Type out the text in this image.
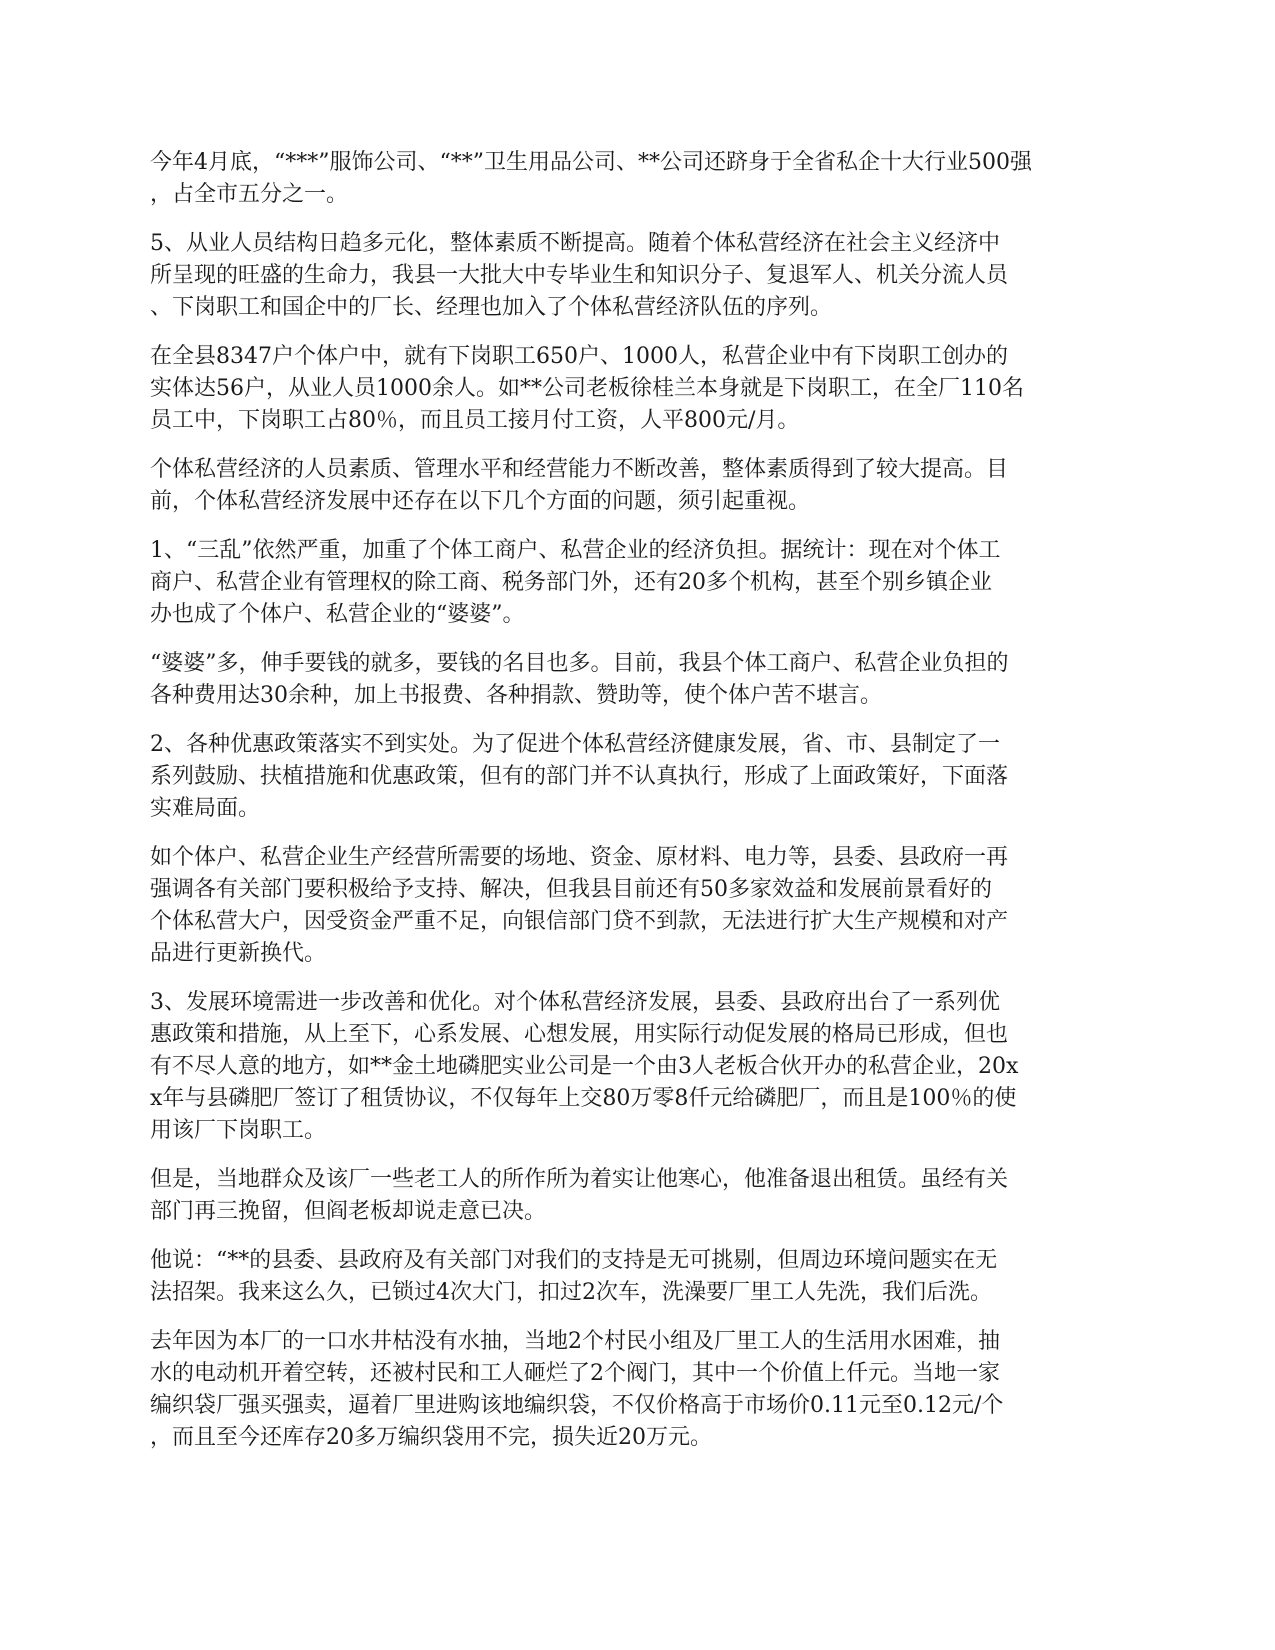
今年4月底，“***”服饰公司、“**”卫生用品公司、**公司还跻身于全省私企十大行业500强
，占全市五分之一。

5、从业人员结构日趋多元化，整体素质不断提高。随着个体私营经济在社会主义经济中
所呈现的旺盛的生命力，我县一大批大中专毕业生和知识分子、复退军人、机关分流人员
、下岗职工和国企中的厂长、经理也加入了个体私营经济队伍的序列。

在全县8347户个体户中，就有下岗职工650户、1000人，私营企业中有下岗职工创办的
实体达56户，从业人员1000余人。如**公司老板徐桂兰本身就是下岗职工，在全厂110名
员工中，下岗职工占80％，而且员工接月付工资，人平800元/月。

个体私营经济的人员素质、管理水平和经营能力不断改善，整体素质得到了较大提高。目
前，个体私营经济发展中还存在以下几个方面的问题，须引起重视。

1、“三乱”依然严重，加重了个体工商户、私营企业的经济负担。据统计：现在对个体工
商户、私营企业有管理权的除工商、税务部门外，还有20多个机构，甚至个别乡镇企业
办也成了个体户、私营企业的“婆婆”。

“婆婆”多，伸手要钱的就多，要钱的名目也多。目前，我县个体工商户、私营企业负担的
各种费用达30余种，加上书报费、各种捐款、赞助等，使个体户苦不堪言。

2、各种优惠政策落实不到实处。为了促进个体私营经济健康发展，省、市、县制定了一
系列鼓励、扶植措施和优惠政策，但有的部门并不认真执行，形成了上面政策好，下面落
实难局面。

如个体户、私营企业生产经营所需要的场地、资金、原材料、电力等，县委、县政府一再
强调各有关部门要积极给予支持、解决，但我县目前还有50多家效益和发展前景看好的
个体私营大户，因受资金严重不足，向银信部门贷不到款，无法进行扩大生产规模和对产
品进行更新换代。

3、发展环境需进一步改善和优化。对个体私营经济发展，县委、县政府出台了一系列优
惠政策和措施，从上至下，心系发展、心想发展，用实际行动促发展的格局已形成，但也
有不尽人意的地方，如**金土地磷肥实业公司是一个由3人老板合伙开办的私营企业，20x
x年与县磷肥厂签订了租赁协议，不仅每年上交80万零8仟元给磷肥厂，而且是100％的使
用该厂下岗职工。

但是，当地群众及该厂一些老工人的所作所为着实让他寒心，他准备退出租赁。虽经有关
部门再三挽留，但阎老板却说走意已决。

他说：“**的县委、县政府及有关部门对我们的支持是无可挑剔，但周边环境问题实在无
法招架。我来这么久，已锁过4次大门，扣过2次车，洗澡要厂里工人先洗，我们后洗。

去年因为本厂的一口水井枯没有水抽，当地2个村民小组及厂里工人的生活用水困难，抽
水的电动机开着空转，还被村民和工人砸烂了2个阀门，其中一个价值上仟元。当地一家
编织袋厂强买强卖，逼着厂里进购该地编织袋，不仅价格高于市场价0.11元至0.12元/个
，而且至今还库存20多万编织袋用不完，损失近20万元。
